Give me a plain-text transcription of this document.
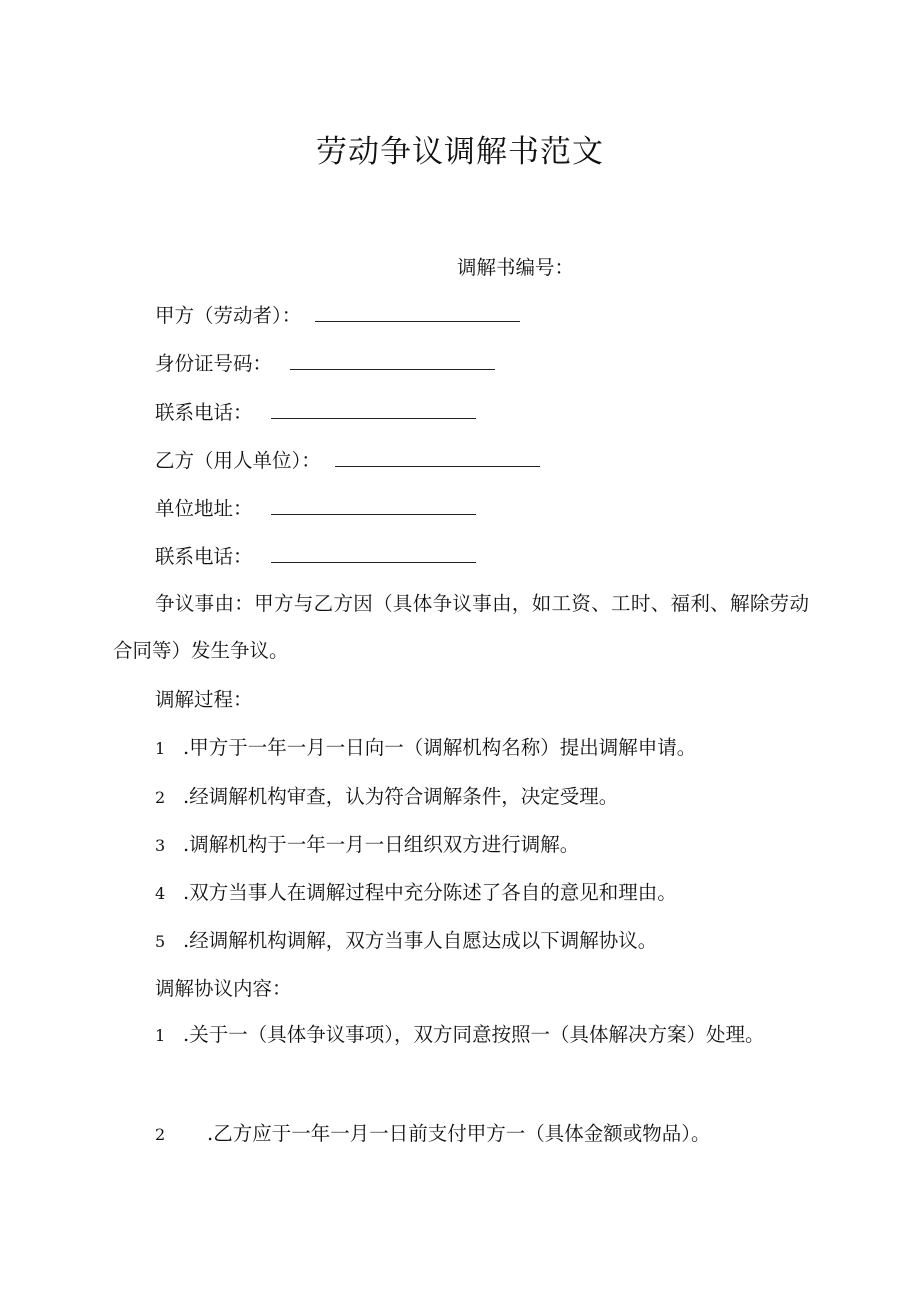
劳动争议调解书范文
调解书编号：
甲方（劳动者）：
身份证号码：
联系电话：
乙方（用人单位）：
单位地址：
联系电话：
争议事由：甲方与乙方因（具体争议事由，如工资、工时、福利、解除劳动合同等）发生争议。
调解过程：
1 .甲方于一年一月一日向一（调解机构名称）提出调解申请。
2 .经调解机构审查，认为符合调解条件，决定受理。
3 .调解机构于一年一月一日组织双方进行调解。
4 .双方当事人在调解过程中充分陈述了各自的意见和理由。
5 .经调解机构调解，双方当事人自愿达成以下调解协议。
调解协议内容：
1 .关于一（具体争议事项），双方同意按照一（具体解决方案）处理。
2 .乙方应于一年一月一日前支付甲方一（具体金额或物品）。
